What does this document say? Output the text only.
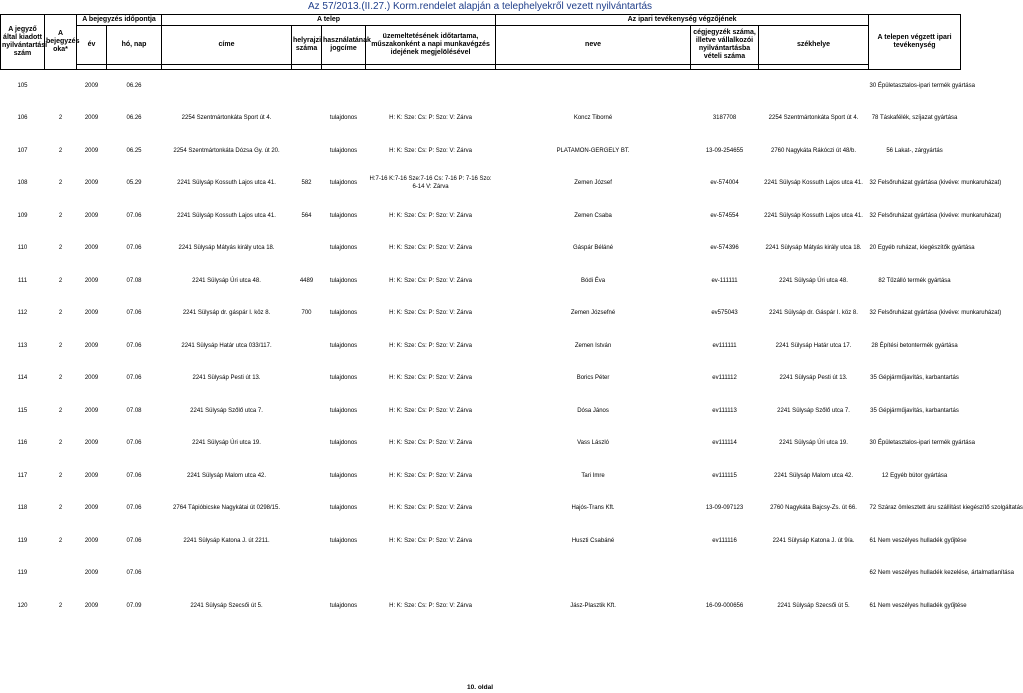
Az 57/2013.(II.27.) Korm.rendelet alapján a telephelyekről vezett nyilvántartás
A jegyző által kiadott nyilvántartási szám	A bejegyzés oka*	A bejegyzés időpontja		A telep				Az ipari tevékenység végzőjének			A telepen végzett ipari tevékenység
		év	hó, nap	címe	helyrajzi száma	használatának jogcíme	üzemeltetésének időtartama, műszakonként a napi munkavégzés idejének megjelölésével	neve	cégjegyzék száma, illetve vállalkozói nyilvántartásba vételi száma	székhelye	

105		2009	06.26								30 Épületasztalos-ipari termék gyártása
106	2	2009	06.26	2254 Szentmártonkáta Sport út 4.		tulajdonos	H: K: Sze: Cs: P: Szo: V: Zárva	Koncz Tiborné	3187708	2254 Szentmártonkáta Sport út 4.	78 Táskafélék, szíjazat gyártása
107	2	2009	06.25	2254 Szentmártonkáta Dózsa Gy. út 20.		tulajdonos	H: K: Sze: Cs: P: Szo: V: Zárva	PLATAMON-GERGELY BT.	13-09-254655	2760 Nagykáta Rákóczi út 48/b.	56 Lakat-, zárgyártás
108	2	2009	05.29	2241 Sülysáp Kossuth Lajos utca 41.	582	tulajdonos	H:7-16 K:7-16 Sze:7-16 Cs: 7-16 P: 7-16 Szo: 6-14 V: Zárva	Zemen József	ev-574004	2241 Sülysáp Kossuth Lajos utca 41.	32 Felsőruházat gyártása (kivéve: munkaruházat)
109	2	2009	07.06	2241 Sülysáp Kossuth Lajos utca 41.	564	tulajdonos	H: K: Sze: Cs: P: Szo: V: Zárva	Zemen Csaba	ev-574554	2241 Sülysáp Kossuth Lajos utca 41.	32 Felsőruházat gyártása (kivéve: munkaruházat)
110	2	2009	07.06	2241 Sülysáp Mátyás király utca 18.		tulajdonos	H: K: Sze: Cs: P: Szo: V: Zárva	Gáspár Béláné	ev-574396	2241 Sülysáp Mátyás király utca 18.	20 Egyéb ruházat, kiegészítők gyártása
111	2	2009	07.08	2241 Sülysáp Úri utca 48.	4489	tulajdonos	H: K: Sze: Cs: P: Szo: V: Zárva	Bódi Éva	ev-111111	2241 Sülysáp Úri utca 48.	82 Tűzálló termék gyártása
112	2	2009	07.06	2241 Sülysáp dr. gáspár I. köz 8.	700	tulajdonos	H: K: Sze: Cs: P: Szo: V: Zárva	Zemen Józsefné	ev575043	2241 Sülysáp dr. Gáspár I. köz 8.	32 Felsőruházat gyártása (kivéve: munkaruházat)
113	2	2009	07.06	2241 Sülysáp Határ utca 033/117.		tulajdonos	H: K: Sze: Cs: P: Szo: V: Zárva	Zemen István	ev111111	2241 Sülysáp Határ utca 17.	28 Építési betontermék gyártása
114	2	2009	07.06	2241 Sülysáp Pesti út 13.		tulajdonos	H: K: Sze: Cs: P: Szo: V: Zárva	Borics Péter	ev111112	2241 Sülysáp Pesti út 13.	35 Gépjárműjavítás, karbantartás
115	2	2009	07.08	2241 Sülysáp Szőlő utca 7.		tulajdonos	H: K: Sze: Cs: P: Szo: V: Zárva	Dósa János	ev111113	2241 Sülysáp Szőlő utca 7.	35 Gépjárműjavítás, karbantartás
116	2	2009	07.06	2241 Sülysáp Úri utca 19.		tulajdonos	H: K: Sze: Cs: P: Szo: V: Zárva	Vass László	ev111114	2241 Sülysáp Úri utca 19.	30 Épületasztalos-ipari termék gyártása
117	2	2009	07.06	2241 Sülysáp Malom utca 42.		tulajdonos	H: K: Sze: Cs: P: Szo: V: Zárva	Tari Imre	ev111115	2241 Sülysáp Malom utca 42.	12 Egyéb bútor gyártása
118	2	2009	07.06	2764 Tápióbicske Nagykátai út 0298/15.		tulajdonos	H: K: Sze: Cs: P: Szo: V: Zárva	Hajós-Trans Kft.	13-09-097123	2760 Nagykáta Bajcsy-Zs. út 66.	72 Száraz ömlesztett áru szállítást kiegészítő szolgáltatás
119	2	2009	07.06	2241 Sülysáp Katona J. út 2211.		tulajdonos	H: K: Sze: Cs: P: Szo: V: Zárva	Huszti Csabáné	ev111116	2241 Sülysáp Katona J. út 9/a.	61 Nem veszélyes hulladék gyűjtése
119		2009	07.06								62 Nem veszélyes hulladék kezelése, ártalmatlanítása
120	2	2009	07.09	2241 Sülysáp Szecsői út 5.		tulajdonos	H: K: Sze: Cs: P: Szo: V: Zárva	Jász-Plasztik Kft.	16-09-000656	2241 Sülysáp Szecsői út 5.	61 Nem veszélyes hulladék gyűjtése
10. oldal
